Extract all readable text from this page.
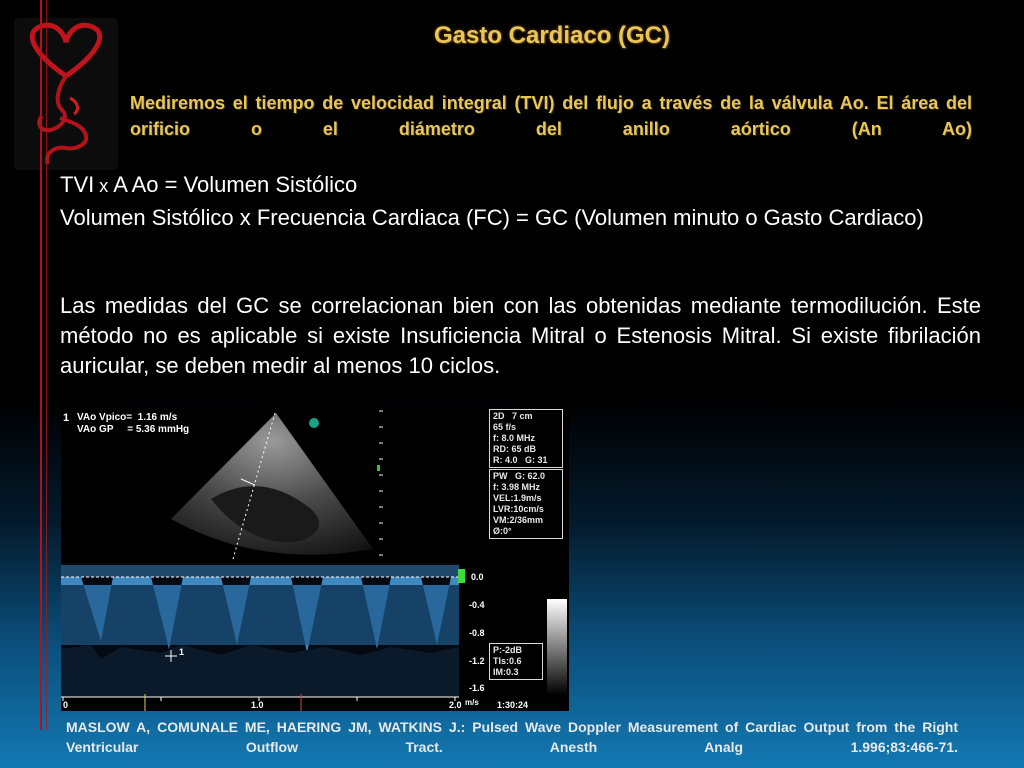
Gasto Cardiaco (GC)

Mediremos el tiempo de velocidad integral (TVI) del flujo a través de la válvula Ao. El área del orificio o el diámetro del anillo aórtico (An Ao)

TVI x A Ao = Volumen Sistólico
Volumen Sistólico x Frecuencia Cardiaca (FC) = GC (Volumen minuto o Gasto Cardiaco)

Las medidas del GC se correlacionan bien con las obtenidas mediante termodilución. Este método no es aplicable si existe Insuficiencia Mitral o Estenosis Mitral. Si existe fibrilación auricular, se deben medir al menos 10 ciclos.

1 VAo Vpico=  1.16 m/s
VAo GP     = 5.36 mmHg
2D   7 cm
65 f/s
f: 8.0 MHz
RD: 65 dB
R: 4.0   G: 31
PW   G: 62.0
f: 3.98 MHz
VEL:1.9m/s
LVR:10cm/s
VM:2/36mm
Ø:0°
P:-2dB
TIs:0.6
IM:0.3
0.0
-0.4
-0.8
-1.2
-1.6
m/s
0	1.0	2.0	1:30:24
1

MASLOW A, COMUNALE ME, HAERING JM, WATKINS J.: Pulsed Wave Doppler Measurement of Cardiac Output from the Right Ventricular Outflow Tract. Anesth Analg 1.996;83:466-71.
